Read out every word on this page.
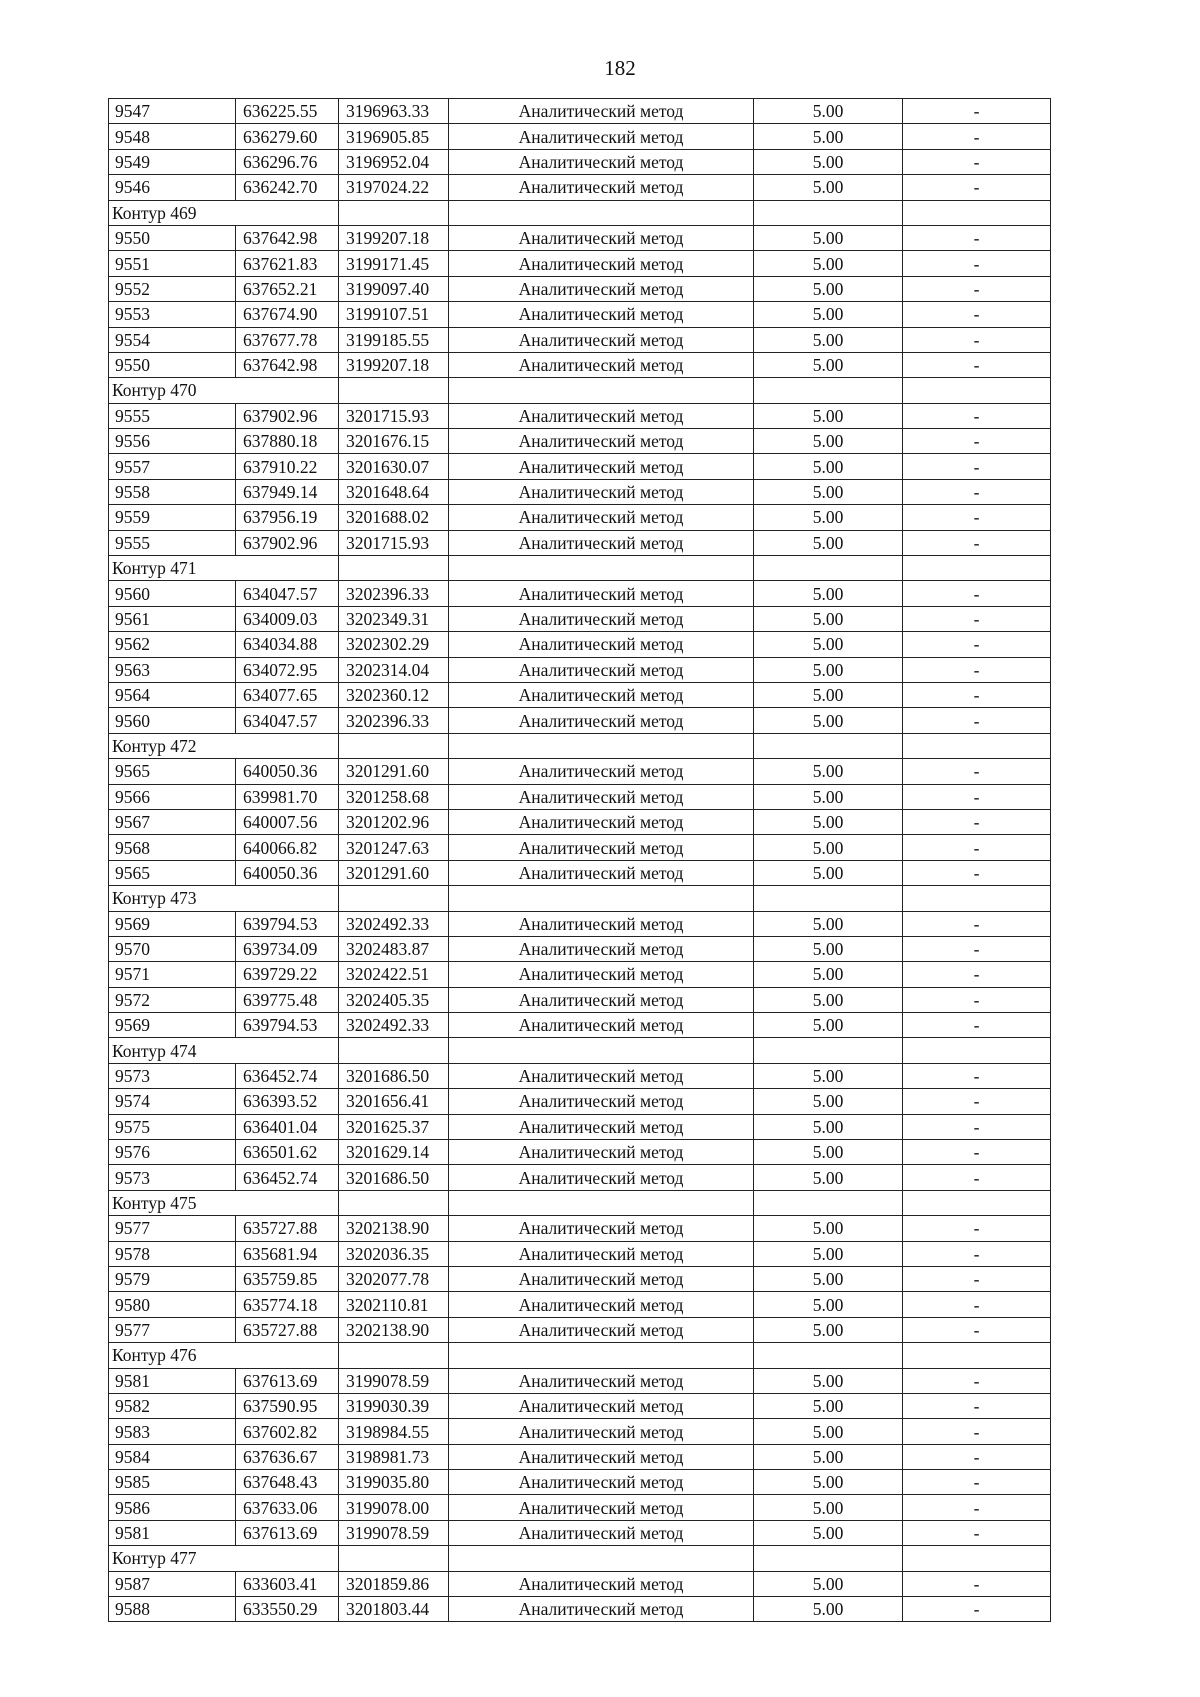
182
9547	636225.55	3196963.33	Аналитический метод	5.00	-
9548	636279.60	3196905.85	Аналитический метод	5.00	-
9549	636296.76	3196952.04	Аналитический метод	5.00	-
9546	636242.70	3197024.22	Аналитический метод	5.00	-
Контур 469					
9550	637642.98	3199207.18	Аналитический метод	5.00	-
9551	637621.83	3199171.45	Аналитический метод	5.00	-
9552	637652.21	3199097.40	Аналитический метод	5.00	-
9553	637674.90	3199107.51	Аналитический метод	5.00	-
9554	637677.78	3199185.55	Аналитический метод	5.00	-
9550	637642.98	3199207.18	Аналитический метод	5.00	-
Контур 470					
9555	637902.96	3201715.93	Аналитический метод	5.00	-
9556	637880.18	3201676.15	Аналитический метод	5.00	-
9557	637910.22	3201630.07	Аналитический метод	5.00	-
9558	637949.14	3201648.64	Аналитический метод	5.00	-
9559	637956.19	3201688.02	Аналитический метод	5.00	-
9555	637902.96	3201715.93	Аналитический метод	5.00	-
Контур 471					
9560	634047.57	3202396.33	Аналитический метод	5.00	-
9561	634009.03	3202349.31	Аналитический метод	5.00	-
9562	634034.88	3202302.29	Аналитический метод	5.00	-
9563	634072.95	3202314.04	Аналитический метод	5.00	-
9564	634077.65	3202360.12	Аналитический метод	5.00	-
9560	634047.57	3202396.33	Аналитический метод	5.00	-
Контур 472					
9565	640050.36	3201291.60	Аналитический метод	5.00	-
9566	639981.70	3201258.68	Аналитический метод	5.00	-
9567	640007.56	3201202.96	Аналитический метод	5.00	-
9568	640066.82	3201247.63	Аналитический метод	5.00	-
9565	640050.36	3201291.60	Аналитический метод	5.00	-
Контур 473					
9569	639794.53	3202492.33	Аналитический метод	5.00	-
9570	639734.09	3202483.87	Аналитический метод	5.00	-
9571	639729.22	3202422.51	Аналитический метод	5.00	-
9572	639775.48	3202405.35	Аналитический метод	5.00	-
9569	639794.53	3202492.33	Аналитический метод	5.00	-
Контур 474					
9573	636452.74	3201686.50	Аналитический метод	5.00	-
9574	636393.52	3201656.41	Аналитический метод	5.00	-
9575	636401.04	3201625.37	Аналитический метод	5.00	-
9576	636501.62	3201629.14	Аналитический метод	5.00	-
9573	636452.74	3201686.50	Аналитический метод	5.00	-
Контур 475					
9577	635727.88	3202138.90	Аналитический метод	5.00	-
9578	635681.94	3202036.35	Аналитический метод	5.00	-
9579	635759.85	3202077.78	Аналитический метод	5.00	-
9580	635774.18	3202110.81	Аналитический метод	5.00	-
9577	635727.88	3202138.90	Аналитический метод	5.00	-
Контур 476					
9581	637613.69	3199078.59	Аналитический метод	5.00	-
9582	637590.95	3199030.39	Аналитический метод	5.00	-
9583	637602.82	3198984.55	Аналитический метод	5.00	-
9584	637636.67	3198981.73	Аналитический метод	5.00	-
9585	637648.43	3199035.80	Аналитический метод	5.00	-
9586	637633.06	3199078.00	Аналитический метод	5.00	-
9581	637613.69	3199078.59	Аналитический метод	5.00	-
Контур 477					
9587	633603.41	3201859.86	Аналитический метод	5.00	-
9588	633550.29	3201803.44	Аналитический метод	5.00	-
